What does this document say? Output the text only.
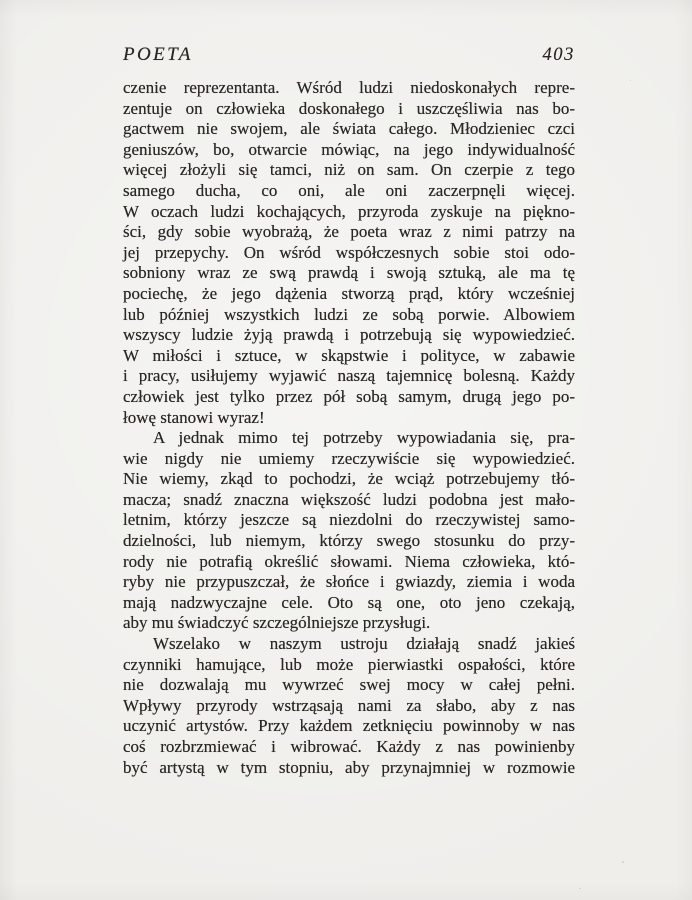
POETA	403
czenie reprezentanta. Wśród ludzi niedoskonałych repre-
zentuje on człowieka doskonałego i uszczęśliwia nas bo-
gactwem nie swojem, ale świata całego. Młodzieniec czci
geniuszów, bo, otwarcie mówiąc, na jego indywidualność
więcej złożyli się tamci, niż on sam. On czerpie z tego
samego ducha, co oni, ale oni zaczerpnęli więcej.
W oczach ludzi kochających, przyroda zyskuje na piękno-
ści, gdy sobie wyobrażą, że poeta wraz z nimi patrzy na
jej przepychy. On wśród współczesnych sobie stoi odo-
sobniony wraz ze swą prawdą i swoją sztuką, ale ma tę
pociechę, że jego dążenia stworzą prąd, który wcześniej
lub później wszystkich ludzi ze sobą porwie. Albowiem
wszyscy ludzie żyją prawdą i potrzebują się wypowiedzieć.
W miłości i sztuce, w skąpstwie i polityce, w zabawie
i pracy, usiłujemy wyjawić naszą tajemnicę bolesną. Każdy
człowiek jest tylko przez pół sobą samym, drugą jego po-
łowę stanowi wyraz!
A jednak mimo tej potrzeby wypowiadania się, pra-
wie nigdy nie umiemy rzeczywiście się wypowiedzieć.
Nie wiemy, zkąd to pochodzi, że wciąż potrzebujemy tłó-
macza; snadź znaczna większość ludzi podobna jest mało-
letnim, którzy jeszcze są niezdolni do rzeczywistej samo-
dzielności, lub niemym, którzy swego stosunku do przy-
rody nie potrafią określić słowami. Niema człowieka, któ-
ryby nie przypuszczał, że słońce i gwiazdy, ziemia i woda
mają nadzwyczajne cele. Oto są one, oto jeno czekają,
aby mu świadczyć szczególniejsze przysługi.
Wszelako w naszym ustroju działają snadź jakieś
czynniki hamujące, lub może pierwiastki ospałości, które
nie dozwalają mu wywrzeć swej mocy w całej pełni.
Wpływy przyrody wstrząsają nami za słabo, aby z nas
uczynić artystów. Przy każdem zetknięciu powinnoby w nas
coś rozbrzmiewać i wibrować. Każdy z nas powinienby
być artystą w tym stopniu, aby przynajmniej w rozmowie
